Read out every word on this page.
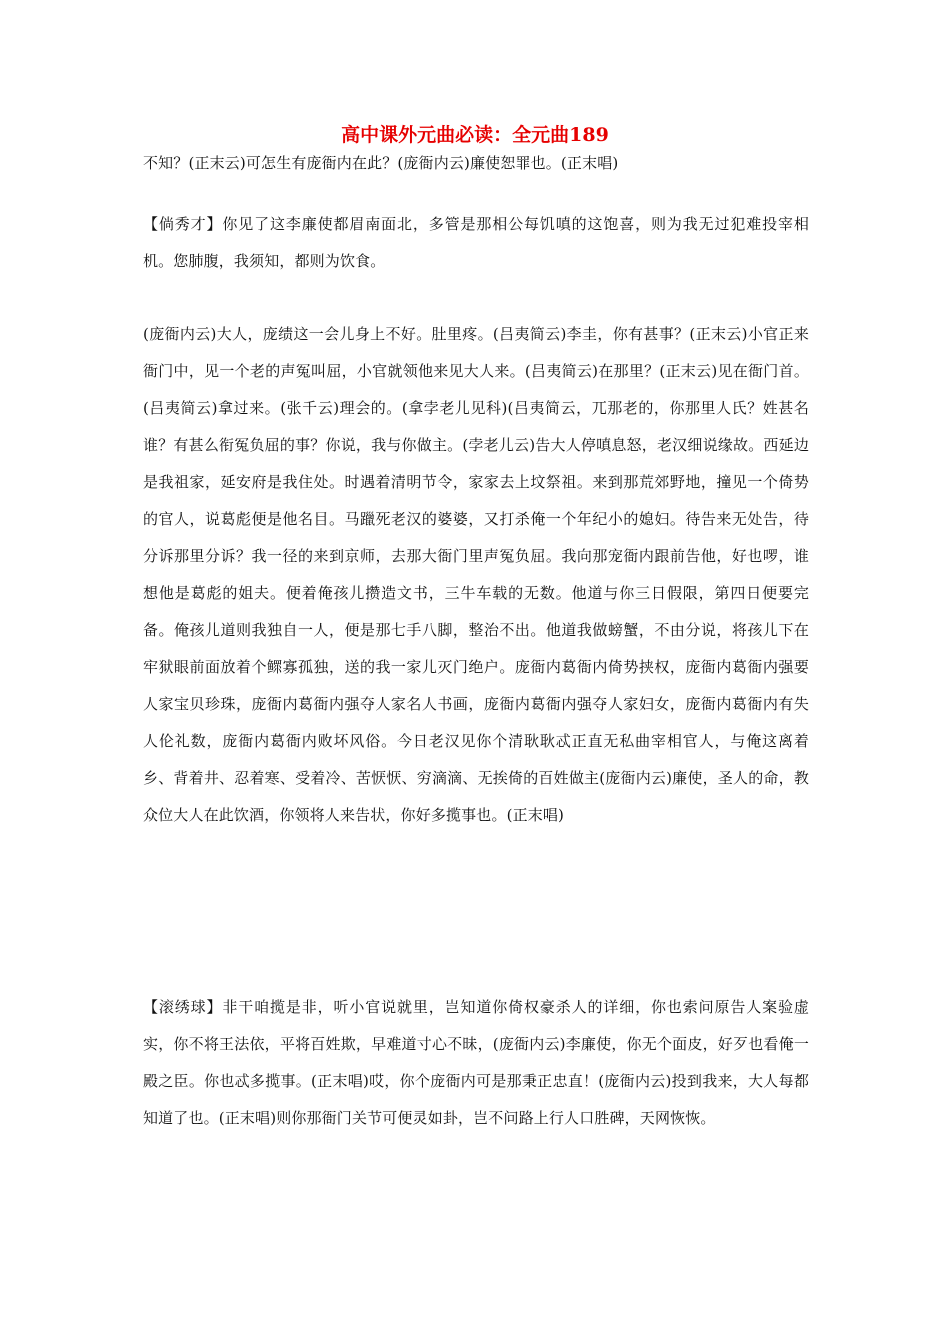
高中课外元曲必读：全元曲189

不知？(正末云)可怎生有庞衙内在此？(庞衙内云)廉使恕罪也。(正末唱)

【倘秀才】你见了这李廉使都眉南面北，多管是那相公每饥嗔的这饱喜，则为我无过犯难投宰相机。您肺腹，我须知，都则为饮食。

(庞衙内云)大人，庞绩这一会儿身上不好。肚里疼。(吕夷简云)李圭，你有甚事？(正末云)小官正来衙门中，见一个老的声冤叫屈，小官就领他来见大人来。(吕夷简云)在那里？(正末云)见在衙门首。(吕夷简云)拿过来。(张千云)理会的。(拿孛老儿见科)(吕夷简云，兀那老的，你那里人氏？姓甚名谁？有甚么衔冤负屈的事？你说，我与你做主。(孛老儿云)告大人停嗔息怒，老汉细说缘故。西延边是我祖家，延安府是我住处。时遇着清明节令，家家去上坟祭祖。来到那荒郊野地，撞见一个倚势的官人，说葛彪便是他名目。马躐死老汉的婆婆，又打杀俺一个年纪小的媳妇。待告来无处告，待分诉那里分诉？我一径的来到京师，去那大衙门里声冤负屈。我向那宠衙内跟前告他，好也啰，谁想他是葛彪的姐夫。便着俺孩儿攒造文书，三牛车载的无数。他道与你三日假限，第四日便要完备。俺孩儿道则我独自一人，便是那七手八脚，整治不出。他道我做螃蟹，不由分说，将孩儿下在牢狱眼前面放着个鳏寡孤独，送的我一家儿灭门绝户。庞衙内葛衙内倚势挟权，庞衙内葛衙内强要人家宝贝珍珠，庞衙内葛衙内强夺人家名人书画，庞衙内葛衙内强夺人家妇女，庞衙内葛衙内有失人伦礼数，庞衙内葛衙内败坏风俗。今日老汉见你个清耿耿忒正直无私曲宰相官人，与俺这离着乡、背着井、忍着寒、受着冷、苦恹恹、穷滴滴、无挨倚的百姓做主(庞衙内云)廉使，圣人的命，教众位大人在此饮酒，你领将人来告状，你好多揽事也。(正末唱)

【滚绣球】非干咱揽是非，听小官说就里，岂知道你倚权豪杀人的详细，你也索问原告人案验虚实，你不将王法依，平将百姓欺，早难道寸心不昧，(庞衙内云)李廉使，你无个面皮，好歹也看俺一殿之臣。你也忒多揽事。(正末唱)哎，你个庞衙内可是那秉正忠直！(庞衙内云)投到我来，大人每都知道了也。(正末唱)则你那衙门关节可便灵如卦，岂不问路上行人口胜碑，天网恢恢。
